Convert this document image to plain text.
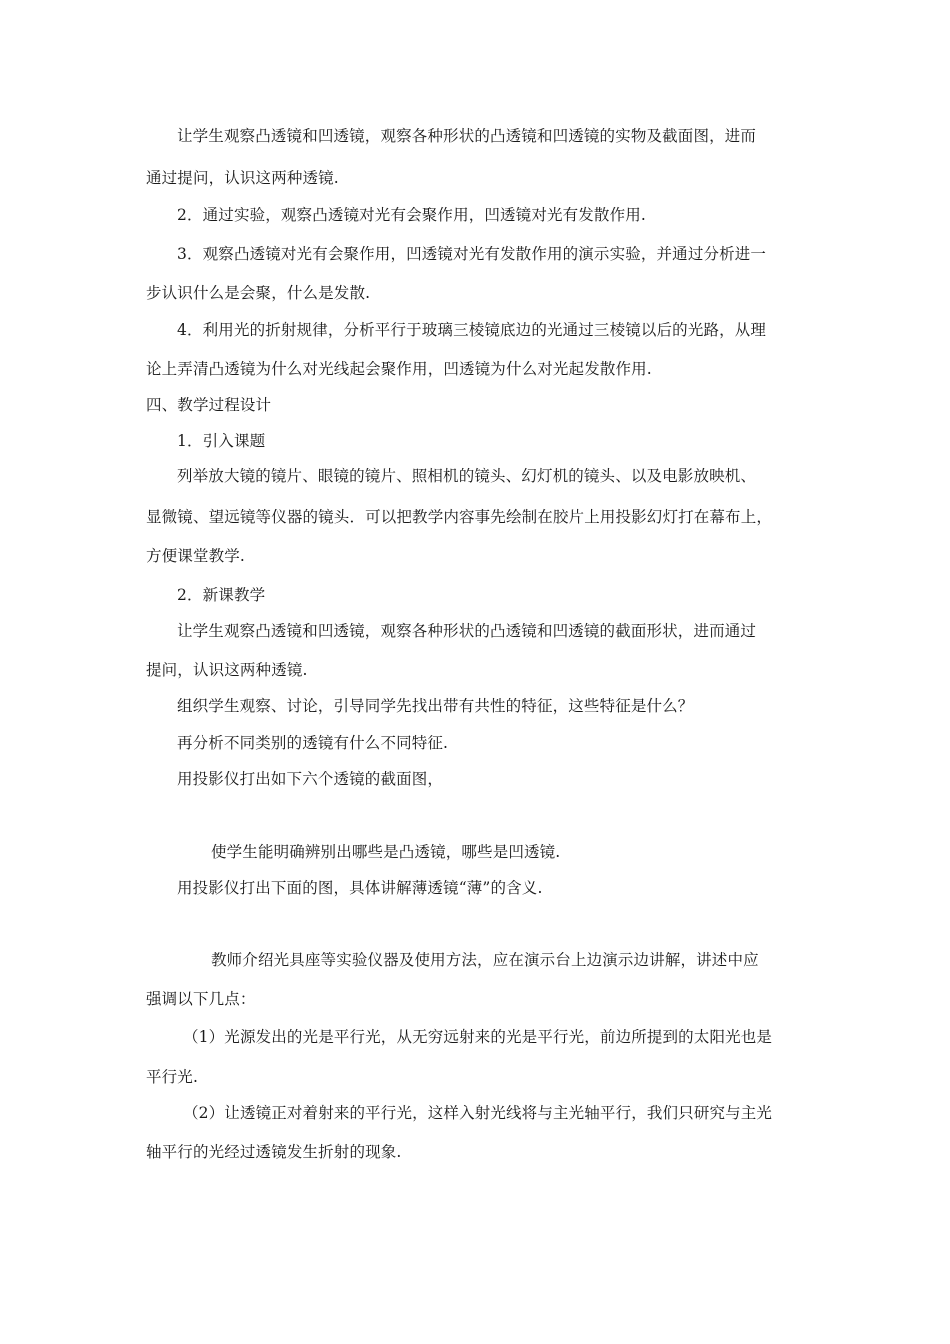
让学生观察凸透镜和凹透镜，观察各种形状的凸透镜和凹透镜的实物及截面图，进而
通过提问，认识这两种透镜.
2．通过实验，观察凸透镜对光有会聚作用，凹透镜对光有发散作用.
3．观察凸透镜对光有会聚作用，凹透镜对光有发散作用的演示实验，并通过分析进一
步认识什么是会聚，什么是发散.
4．利用光的折射规律，分析平行于玻璃三棱镜底边的光通过三棱镜以后的光路，从理
论上弄清凸透镜为什么对光线起会聚作用，凹透镜为什么对光起发散作用.
四、教学过程设计
1．引入课题
列举放大镜的镜片、眼镜的镜片、照相机的镜头、幻灯机的镜头、以及电影放映机、
显微镜、望远镜等仪器的镜头．可以把教学内容事先绘制在胶片上用投影幻灯打在幕布上，
方便课堂教学.
2．新课教学
让学生观察凸透镜和凹透镜，观察各种形状的凸透镜和凹透镜的截面形状，进而通过
提问，认识这两种透镜.
组织学生观察、讨论，引导同学先找出带有共性的特征，这些特征是什么？
再分析不同类别的透镜有什么不同特征.
用投影仪打出如下六个透镜的截面图，
使学生能明确辨别出哪些是凸透镜，哪些是凹透镜.
用投影仪打出下面的图，具体讲解薄透镜“薄”的含义.
教师介绍光具座等实验仪器及使用方法，应在演示台上边演示边讲解，讲述中应
强调以下几点：
（1）光源发出的光是平行光，从无穷远射来的光是平行光，前边所提到的太阳光也是
平行光.
（2）让透镜正对着射来的平行光，这样入射光线将与主光轴平行，我们只研究与主光
轴平行的光经过透镜发生折射的现象.
